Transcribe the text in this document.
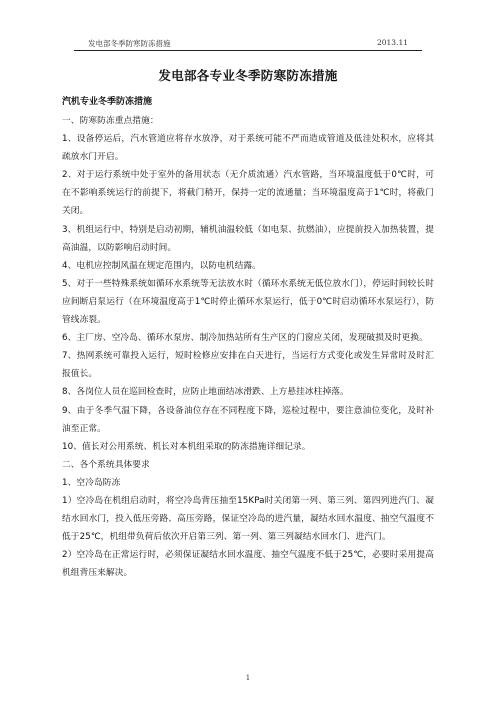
发电部冬季防寒防冻措施	2013.11
发电部各专业冬季防寒防冻措施
汽机专业冬季防冻措施

一、防寒防冻重点措施：

1、设备停运后，汽水管道应将存水放净，对于系统可能不严而造成管道及低洼处积水，应将其疏放水门开启。

2、对于运行系统中处于室外的备用状态（无介质流通）汽水管路，当环境温度低于0℃时，可在不影响系统运行的前提下，将截门稍开，保持一定的流通量；当环境温度高于1℃时，将截门关闭。

3、机组运行中，特别是启动初期，辅机油温较低（如电泵、抗燃油），应提前投入加热装置，提高油温，以防影响启动时间。

4、电机应控制风温在规定范围内，以防电机结露。

5、对于一些特殊系统如循环水系统等无法放水时（循环水系统无低位放水门），停运时间较长时应间断启泵运行（在环境温度高于1℃时停止循环水泵运行，低于0℃时启动循环水泵运行），防管线冻裂。

6、主厂房、空冷岛、循环水泵房、制冷加热站所有生产区的门窗应关闭，发现破损及时更换。

7、热网系统可靠投入运行，短时检修应安排在白天进行，当运行方式变化或发生异常时及时汇报值长。

8、各岗位人员在巡回检查时，应防止地面结冰滑跌、上方悬挂冰柱掉落。

9、由于冬季气温下降，各设备油位存在不同程度下降，巡检过程中，要注意油位变化，及时补油至正常。

10、值长对公用系统、机长对本机组采取的防冻措施详细记录。

二、各个系统具体要求

1、空冷岛防冻

1）空冷岛在机组启动时，将空冷岛背压抽至15KPa时关闭第一列、第三列、第四列进汽门、凝结水回水门，投入低压旁路、高压旁路，保证空冷岛的进汽量，凝结水回水温度、抽空气温度不低于25℃，机组带负荷后依次开启第三列、第一列、第三列凝结水回水门、进汽门。

2）空冷岛在正常运行时，必须保证凝结水回水温度、抽空气温度不低于25℃，必要时采用提高机组背压来解决。

1
